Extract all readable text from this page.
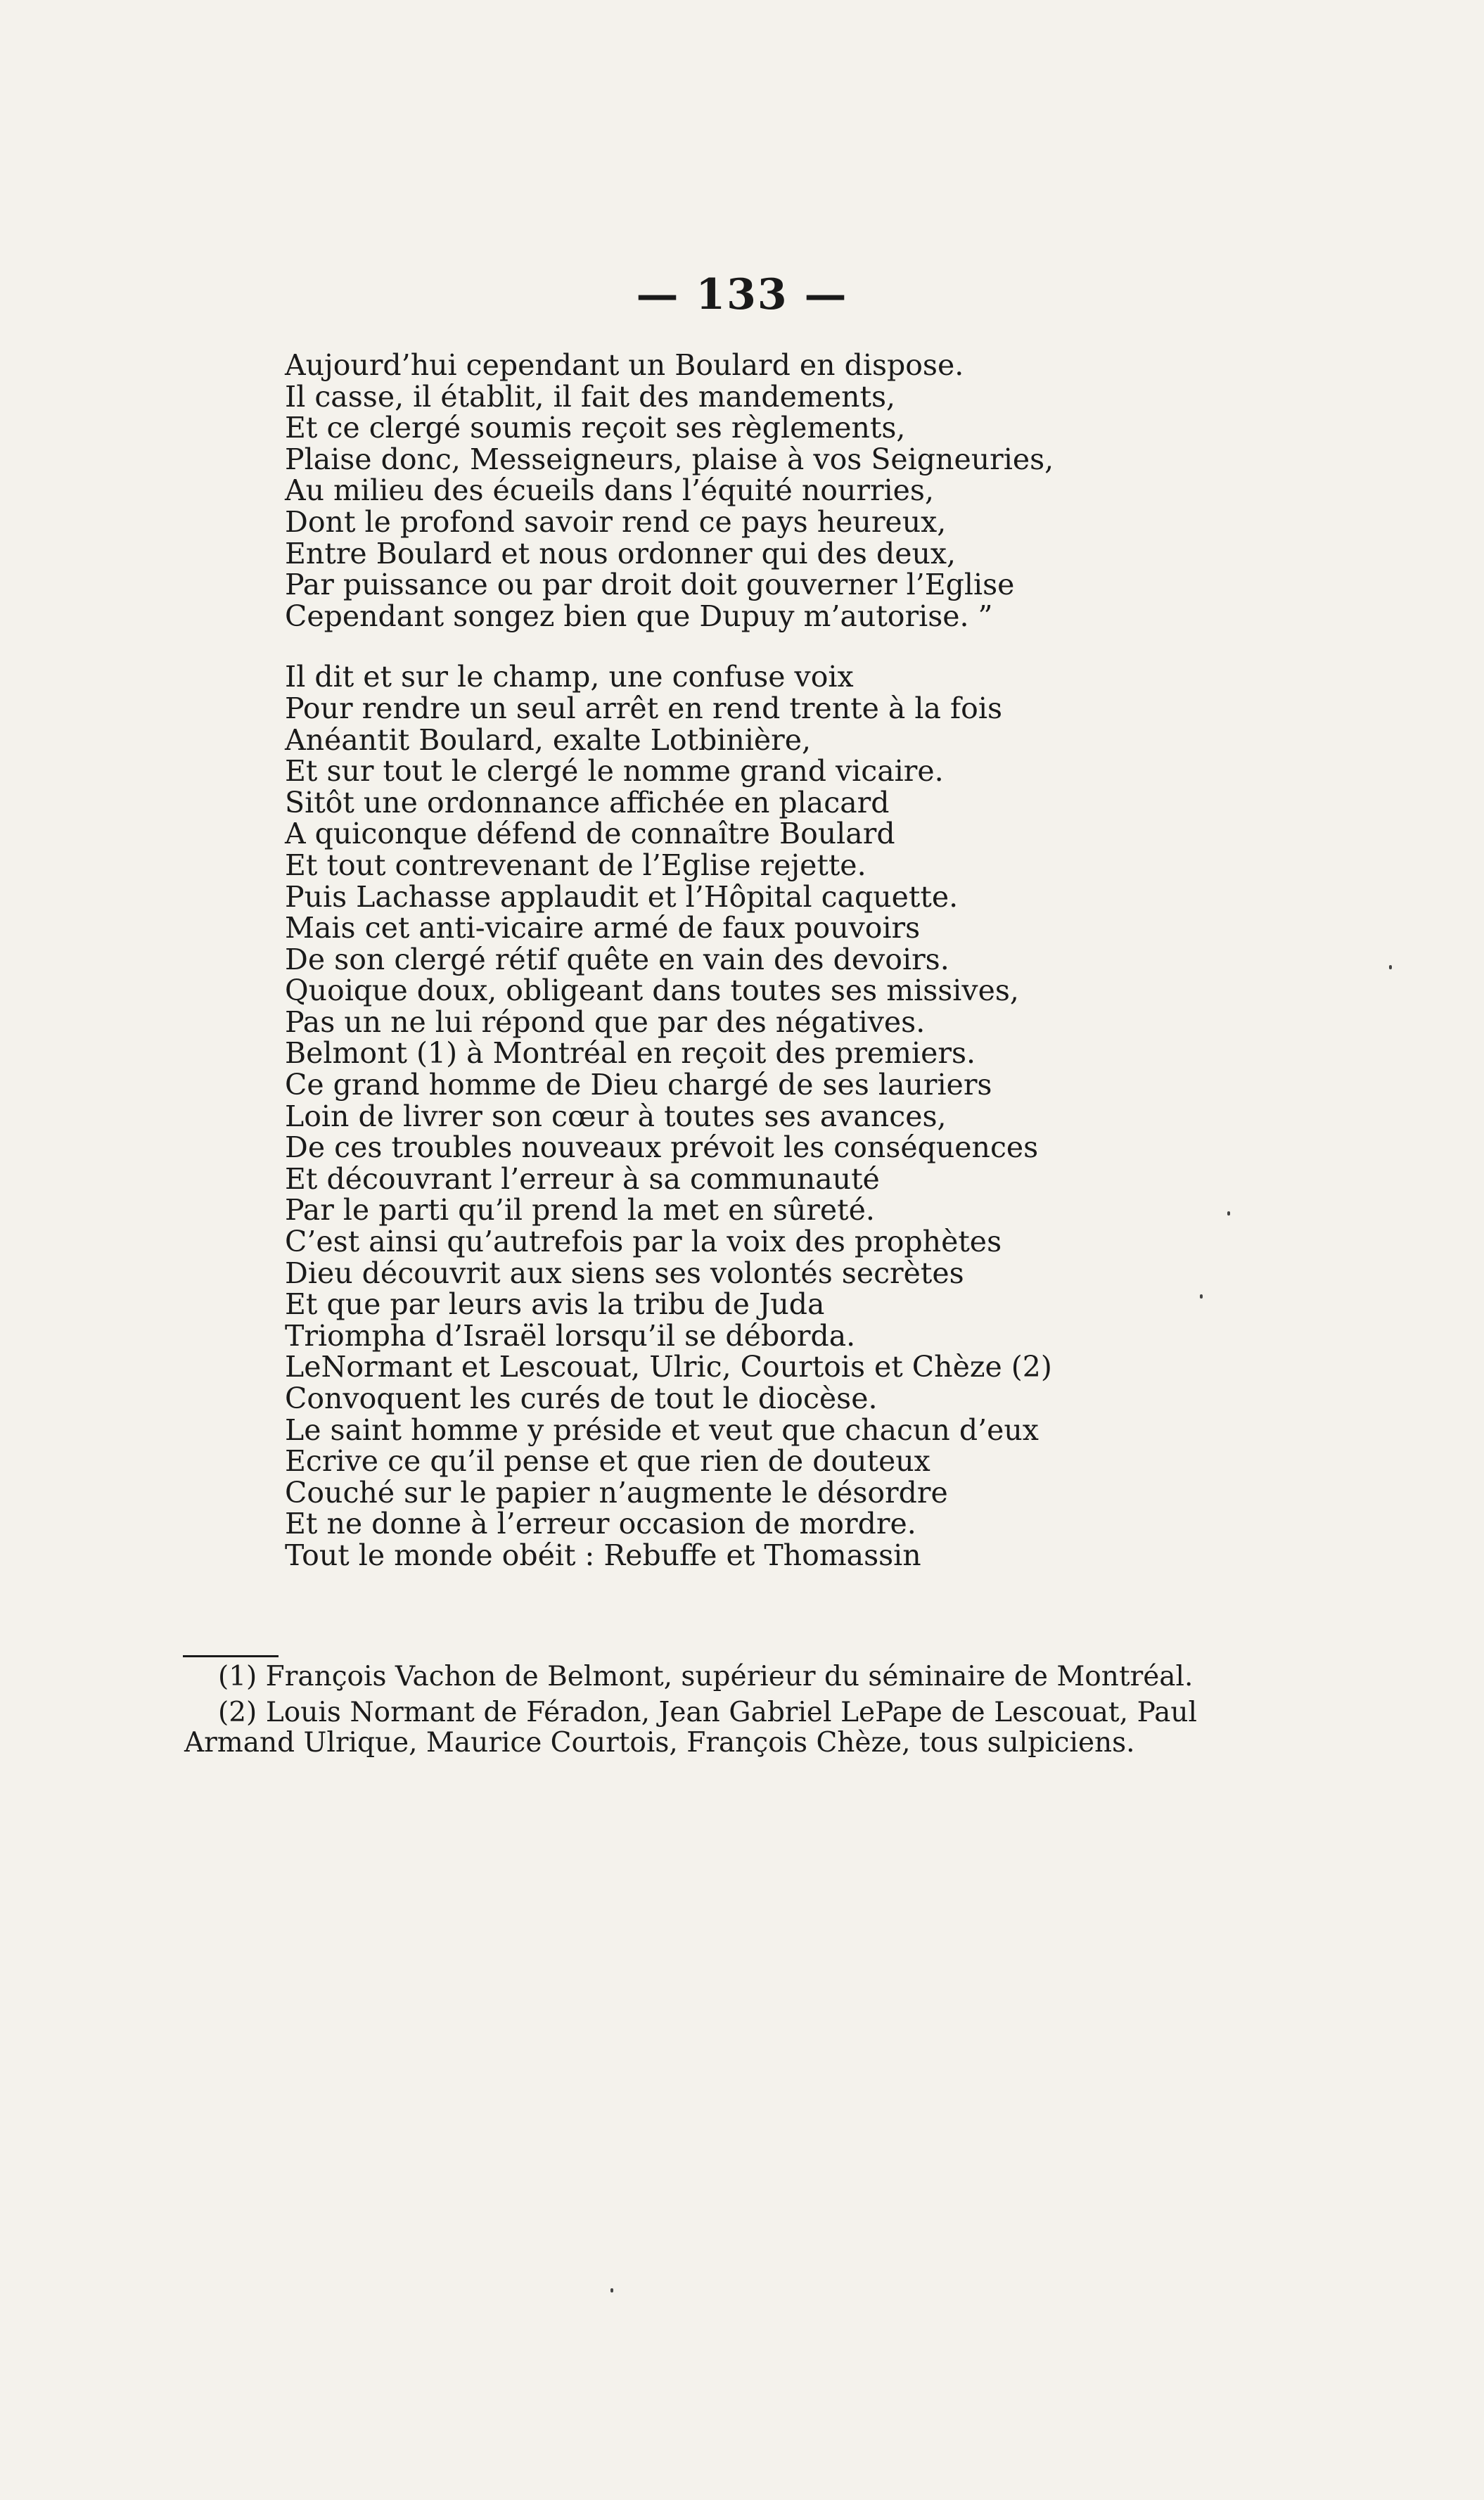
— 133 —
Aujourd’hui cependant un Boulard en dispose.
Il casse, il établit, il fait des mandements,
Et ce clergé soumis reçoit ses règlements,
Plaise donc, Messeigneurs, plaise à vos Seigneuries,
Au milieu des écueils dans l’équité nourries,
Dont le profond savoir rend ce pays heureux,
Entre Boulard et nous ordonner qui des deux,
Par puissance ou par droit doit gouverner l’Eglise
Cependant songez bien que Dupuy m’autorise. ”
Il dit et sur le champ, une confuse voix
Pour rendre un seul arrêt en rend trente à la fois
Anéantit Boulard, exalte Lotbinière,
Et sur tout le clergé le nomme grand vicaire.
Sitôt une ordonnance affichée en placard
A quiconque défend de connaître Boulard
Et tout contrevenant de l’Eglise rejette.
Puis Lachasse applaudit et l’Hôpital caquette.
Mais cet anti-vicaire armé de faux pouvoirs
De son clergé rétif quête en vain des devoirs.
Quoique doux, obligeant dans toutes ses missives,
Pas un ne lui répond que par des négatives.
Belmont (1) à Montréal en reçoit des premiers.
Ce grand homme de Dieu chargé de ses lauriers
Loin de livrer son cœur à toutes ses avances,
De ces troubles nouveaux prévoit les conséquences
Et découvrant l’erreur à sa communauté
Par le parti qu’il prend la met en sûreté.
C’est ainsi qu’autrefois par la voix des prophètes
Dieu découvrit aux siens ses volontés secrètes
Et que par leurs avis la tribu de Juda
Triompha d’Israël lorsqu’il se déborda.
LeNormant et Lescouat, Ulric, Courtois et Chèze (2)
Convoquent les curés de tout le diocèse.
Le saint homme y préside et veut que chacun d’eux
Ecrive ce qu’il pense et que rien de douteux
Couché sur le papier n’augmente le désordre
Et ne donne à l’erreur occasion de mordre.
Tout le monde obéit : Rebuffe et Thomassin

(1) François Vachon de Belmont, supérieur du séminaire de Montréal.

(2) Louis Normant de Féradon, Jean Gabriel LePape de Lescouat, Paul Armand Ulrique, Maurice Courtois, François Chèze, tous sulpiciens.
